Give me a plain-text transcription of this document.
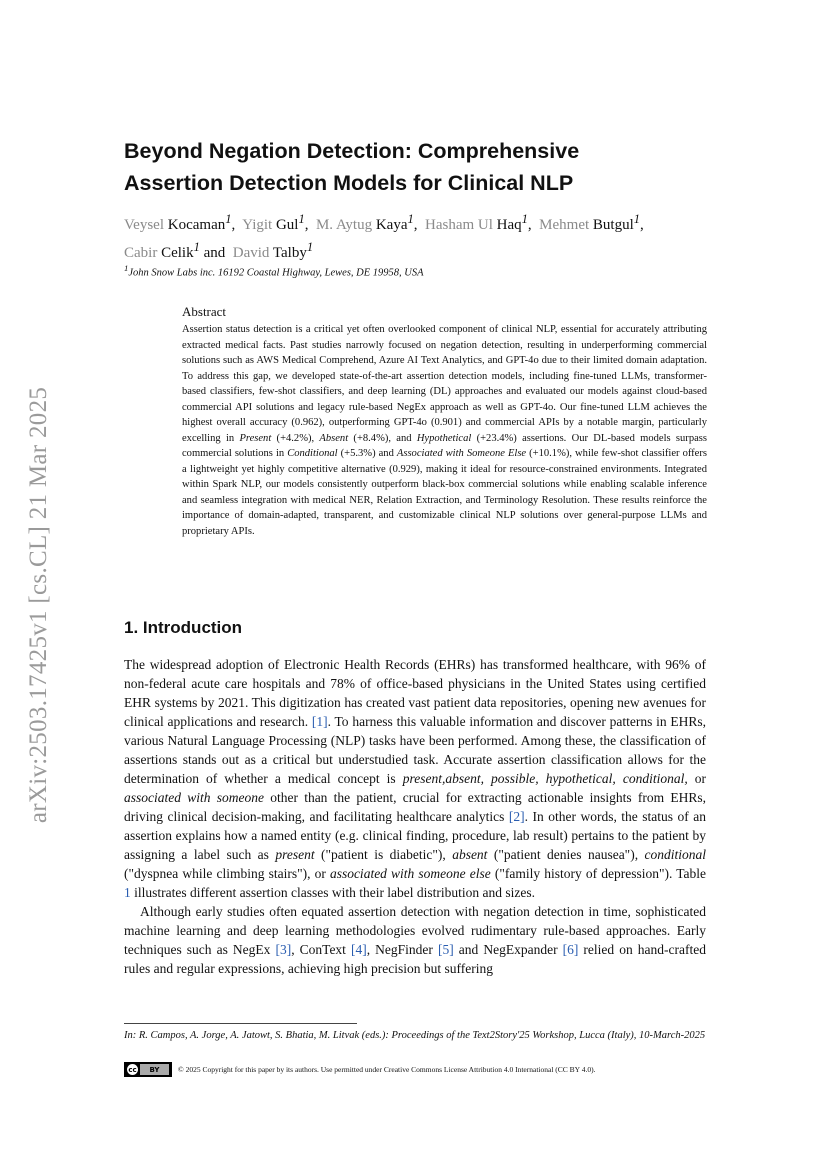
arXiv:2503.17425v1 [cs.CL] 21 Mar 2025
Beyond Negation Detection: Comprehensive
Assertion Detection Models for Clinical NLP
Veysel Kocaman$^1$,  Yigit Gul$^1$,  M. Aytug Kaya$^1$,  Hasham Ul Haq$^1$,  Mehmet Butgul$^1$,
Cabir Celik$^1$ and David Talby$^1$
$^1$John Snow Labs inc. 16192 Coastal Highway, Lewes, DE 19958, USA
Abstract
Assertion status detection is a critical yet often overlooked component of clinical NLP, essential for accurately attributing extracted medical facts. Past studies narrowly focused on negation detection, resulting in underperforming commercial solutions such as AWS Medical Comprehend, Azure AI Text Analytics, and GPT-4o due to their limited domain adaptation. To address this gap, we developed state-of-the-art assertion detection models, including fine-tuned LLMs, transformer-based classifiers, few-shot classifiers, and deep learning (DL) approaches and evaluated our models against cloud-based commercial API solutions and legacy rule-based NegEx approach as well as GPT-4o. Our fine-tuned LLM achieves the highest overall accuracy (0.962), outperforming GPT-4o (0.901) and commercial APIs by a notable margin, particularly excelling in Present (+4.2%), Absent (+8.4%), and Hypothetical (+23.4%) assertions. Our DL-based models surpass commercial solutions in Conditional (+5.3%) and Associated with Someone Else (+10.1%), while few-shot classifier offers a lightweight yet highly competitive alternative (0.929), making it ideal for resource-constrained environments. Integrated within Spark NLP, our models consistently outperform black-box commercial solutions while enabling scalable inference and seamless integration with medical NER, Relation Extraction, and Terminology Resolution. These results reinforce the importance of domain-adapted, transparent, and customizable clinical NLP solutions over general-purpose LLMs and proprietary APIs.
1. Introduction

The widespread adoption of Electronic Health Records (EHRs) has transformed healthcare, with 96% of non-federal acute care hospitals and 78% of office-based physicians in the United States using certified EHR systems by 2021. This digitization has created vast patient data repositories, opening new avenues for clinical applications and research. [1]. To harness this valuable information and discover patterns in EHRs, various Natural Language Processing (NLP) tasks have been performed. Among these, the classification of assertions stands out as a critical but understudied task. Accurate assertion classification allows for the determination of whether a medical concept is present,absent, possible, hypothetical, conditional, or associated with someone other than the patient, crucial for extracting actionable insights from EHRs, driving clinical decision-making, and facilitating healthcare analytics [2]. In other words, the status of an assertion explains how a named entity (e.g. clinical finding, procedure, lab result) pertains to the patient by assigning a label such as present ("patient is diabetic"), absent ("patient denies nausea"), conditional ("dyspnea while climbing stairs"), or associated with someone else ("family history of depression"). Table 1 illustrates different assertion classes with their label distribution and sizes.

Although early studies often equated assertion detection with negation detection in time, sophisticated machine learning and deep learning methodologies evolved rudimentary rule-based approaches. Early techniques such as NegEx [3], ConText [4], NegFinder [5] and NegExpander [6] relied on hand-crafted rules and regular expressions, achieving high precision but suffering

In: R. Campos, A. Jorge, A. Jatowt, S. Bhatia, M. Litvak (eds.): Proceedings of the Text2Story'25 Workshop, Lucca (Italy), 10-March-2025
cc	BY	© 2025 Copyright for this paper by its authors. Use permitted under Creative Commons License Attribution 4.0 International (CC BY 4.0).
